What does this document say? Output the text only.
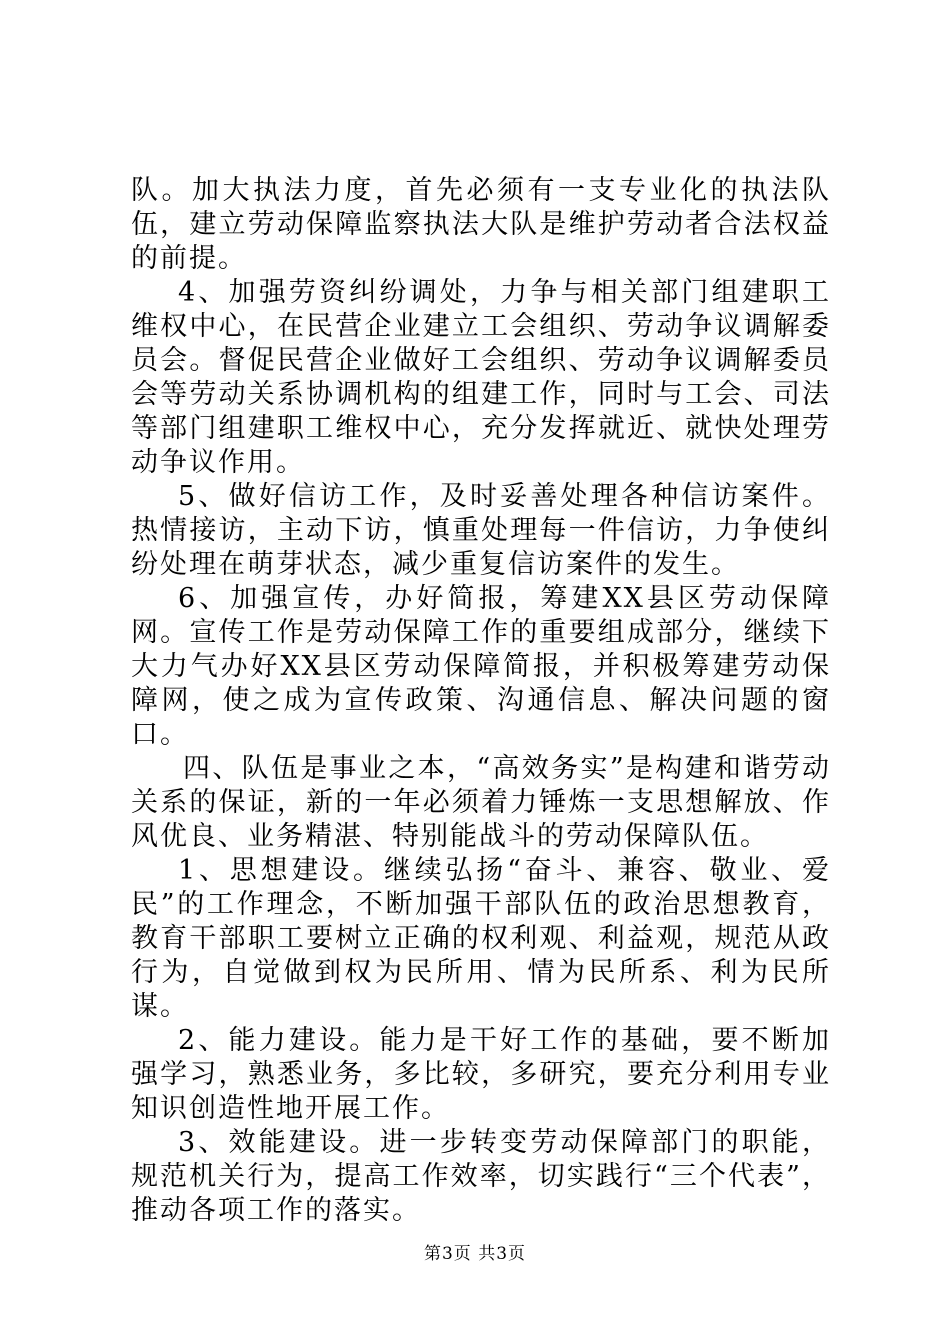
队。加大执法力度，首先必须有一支专业化的执法队伍，建立劳动保障监察执法大队是维护劳动者合法权益的前提。

4、加强劳资纠纷调处，力争与相关部门组建职工维权中心，在民营企业建立工会组织、劳动争议调解委员会。督促民营企业做好工会组织、劳动争议调解委员会等劳动关系协调机构的组建工作，同时与工会、司法等部门组建职工维权中心，充分发挥就近、就快处理劳动争议作用。

5、做好信访工作，及时妥善处理各种信访案件。热情接访，主动下访，慎重处理每一件信访，力争使纠纷处理在萌芽状态，减少重复信访案件的发生。

6、加强宣传，办好简报，筹建XX县区劳动保障网。宣传工作是劳动保障工作的重要组成部分，继续下大力气办好XX县区劳动保障简报，并积极筹建劳动保障网，使之成为宣传政策、沟通信息、解决问题的窗口。

四、队伍是事业之本，“高效务实”是构建和谐劳动关系的保证，新的一年必须着力锤炼一支思想解放、作风优良、业务精湛、特别能战斗的劳动保障队伍。

1、思想建设。继续弘扬“奋斗、兼容、敬业、爱民”的工作理念，不断加强干部队伍的政治思想教育，教育干部职工要树立正确的权利观、利益观，规范从政行为，自觉做到权为民所用、情为民所系、利为民所谋。

2、能力建设。能力是干好工作的基础，要不断加强学习，熟悉业务，多比较，多研究，要充分利用专业知识创造性地开展工作。

3、效能建设。进一步转变劳动保障部门的职能，规范机关行为，提高工作效率，切实践行“三个代表”，推动各项工作的落实。

第3页 共3页
